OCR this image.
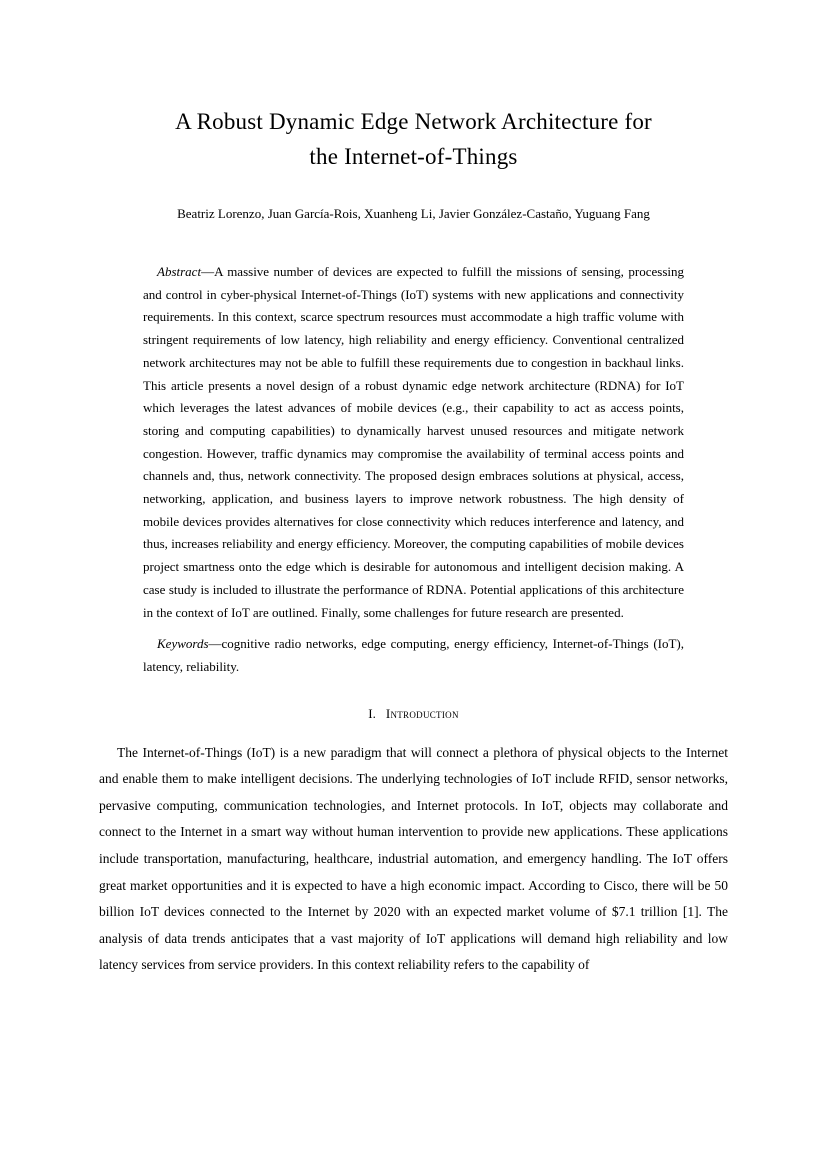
A Robust Dynamic Edge Network Architecture for
the Internet-of-Things
Beatriz Lorenzo, Juan García-Rois, Xuanheng Li, Javier González-Castaño, Yuguang Fang

Abstract—A massive number of devices are expected to fulfill the missions of sensing, processing and control in cyber-physical Internet-of-Things (IoT) systems with new applications and connectivity requirements. In this context, scarce spectrum resources must accommodate a high traffic volume with stringent requirements of low latency, high reliability and energy efficiency. Conventional centralized network architectures may not be able to fulfill these requirements due to congestion in backhaul links. This article presents a novel design of a robust dynamic edge network architecture (RDNA) for IoT which leverages the latest advances of mobile devices (e.g., their capability to act as access points, storing and computing capabilities) to dynamically harvest unused resources and mitigate network congestion. However, traffic dynamics may compromise the availability of terminal access points and channels and, thus, network connectivity. The proposed design embraces solutions at physical, access, networking, application, and business layers to improve network robustness. The high density of mobile devices provides alternatives for close connectivity which reduces interference and latency, and thus, increases reliability and energy efficiency. Moreover, the computing capabilities of mobile devices project smartness onto the edge which is desirable for autonomous and intelligent decision making. A case study is included to illustrate the performance of RDNA. Potential applications of this architecture in the context of IoT are outlined. Finally, some challenges for future research are presented.

Keywords—cognitive radio networks, edge computing, energy efficiency, Internet-of-Things (IoT), latency, reliability.

I. Introduction

The Internet-of-Things (IoT) is a new paradigm that will connect a plethora of physical objects to the Internet and enable them to make intelligent decisions. The underlying technologies of IoT include RFID, sensor networks, pervasive computing, communication technologies, and Internet protocols. In IoT, objects may collaborate and connect to the Internet in a smart way without human intervention to provide new applications. These applications include transportation, manufacturing, healthcare, industrial automation, and emergency handling. The IoT offers great market opportunities and it is expected to have a high economic impact. According to Cisco, there will be 50 billion IoT devices connected to the Internet by 2020 with an expected market volume of $7.1 trillion [1]. The analysis of data trends anticipates that a vast majority of IoT applications will demand high reliability and low latency services from service providers. In this context reliability refers to the capability of
